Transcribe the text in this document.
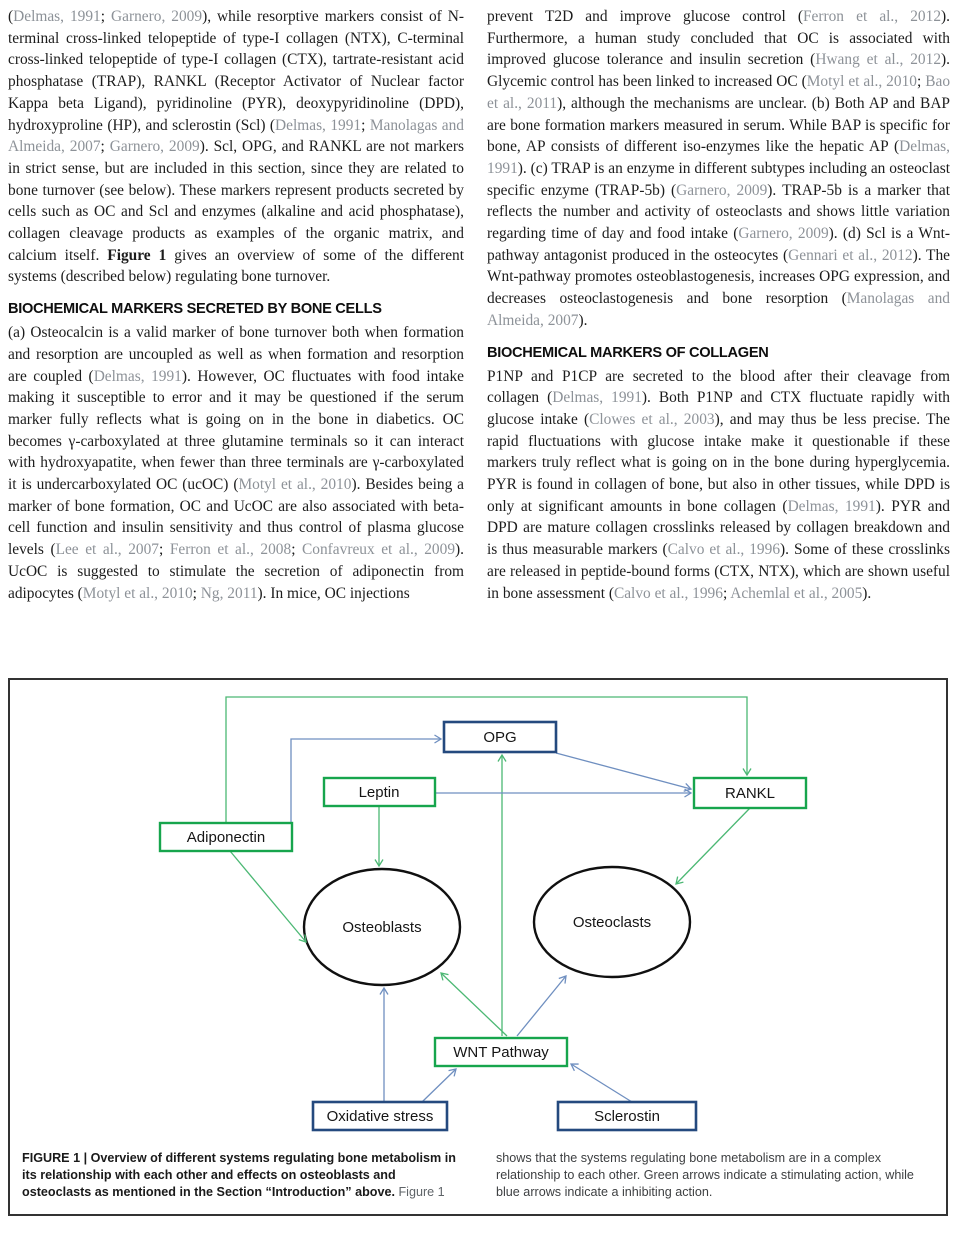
(Delmas, 1991; Garnero, 2009), while resorptive markers consist of N-terminal cross-linked telopeptide of type-I collagen (NTX), C-terminal cross-linked telopeptide of type-I collagen (CTX), tartrate-resistant acid phosphatase (TRAP), RANKL (Receptor Activator of Nuclear factor Kappa beta Ligand), pyridinoline (PYR), deoxypyridinoline (DPD), hydroxyproline (HP), and sclerostin (Scl) (Delmas, 1991; Manolagas and Almeida, 2007; Garnero, 2009). Scl, OPG, and RANKL are not markers in strict sense, but are included in this section, since they are related to bone turnover (see below). These markers represent products secreted by cells such as OC and Scl and enzymes (alkaline and acid phosphatase), collagen cleavage products as examples of the organic matrix, and calcium itself. Figure 1 gives an overview of some of the different systems (described below) regulating bone turnover.

BIOCHEMICAL MARKERS SECRETED BY BONE CELLS

(a) Osteocalcin is a valid marker of bone turnover both when formation and resorption are uncoupled as well as when formation and resorption are coupled (Delmas, 1991). However, OC fluctuates with food intake making it susceptible to error and it may be questioned if the serum marker fully reflects what is going on in the bone in diabetics. OC becomes γ-carboxylated at three glutamine terminals so it can interact with hydroxyapatite, when fewer than three terminals are γ-carboxylated it is undercarboxylated OC (ucOC) (Motyl et al., 2010). Besides being a marker of bone formation, OC and UcOC are also associated with beta-cell function and insulin sensitivity and thus control of plasma glucose levels (Lee et al., 2007; Ferron et al., 2008; Confavreux et al., 2009). UcOC is suggested to stimulate the secretion of adiponectin from adipocytes (Motyl et al., 2010; Ng, 2011). In mice, OC injections

prevent T2D and improve glucose control (Ferron et al., 2012). Furthermore, a human study concluded that OC is associated with improved glucose tolerance and insulin secretion (Hwang et al., 2012). Glycemic control has been linked to increased OC (Motyl et al., 2010; Bao et al., 2011), although the mechanisms are unclear. (b) Both AP and BAP are bone formation markers measured in serum. While BAP is specific for bone, AP consists of different iso-enzymes like the hepatic AP (Delmas, 1991). (c) TRAP is an enzyme in different subtypes including an osteoclast specific enzyme (TRAP-5b) (Garnero, 2009). TRAP-5b is a marker that reflects the number and activity of osteoclasts and shows little variation regarding time of day and food intake (Garnero, 2009). (d) Scl is a Wnt-pathway antagonist produced in the osteocytes (Gennari et al., 2012). The Wnt-pathway promotes osteoblastogenesis, increases OPG expression, and decreases osteoclastogenesis and bone resorption (Manolagas and Almeida, 2007).

BIOCHEMICAL MARKERS OF COLLAGEN

P1NP and P1CP are secreted to the blood after their cleavage from collagen (Delmas, 1991). Both P1NP and CTX fluctuate rapidly with glucose intake (Clowes et al., 2003), and may thus be less precise. The rapid fluctuations with glucose intake make it questionable if these markers truly reflect what is going on in the bone during hyperglycemia. PYR is found in collagen of bone, but also in other tissues, while DPD is only at significant amounts in bone collagen (Delmas, 1991). PYR and DPD are mature collagen crosslinks released by collagen breakdown and is thus measurable markers (Calvo et al., 1996). Some of these crosslinks are released in peptide-bound forms (CTX, NTX), which are shown useful in bone assessment (Calvo et al., 1996; Achemlal et al., 2005).

OPG
Leptin	RANKL
Adiponectin
Osteoblasts	Osteoclasts
WNT Pathway
Oxidative stress	Sclerostin
FIGURE 1 | Overview of different systems regulating bone metabolism in its relationship with each other and effects on osteoblasts and osteoclasts as mentioned in the Section “Introduction” above. Figure 1
shows that the systems regulating bone metabolism are in a complex relationship to each other. Green arrows indicate a stimulating action, while blue arrows indicate a inhibiting action.
